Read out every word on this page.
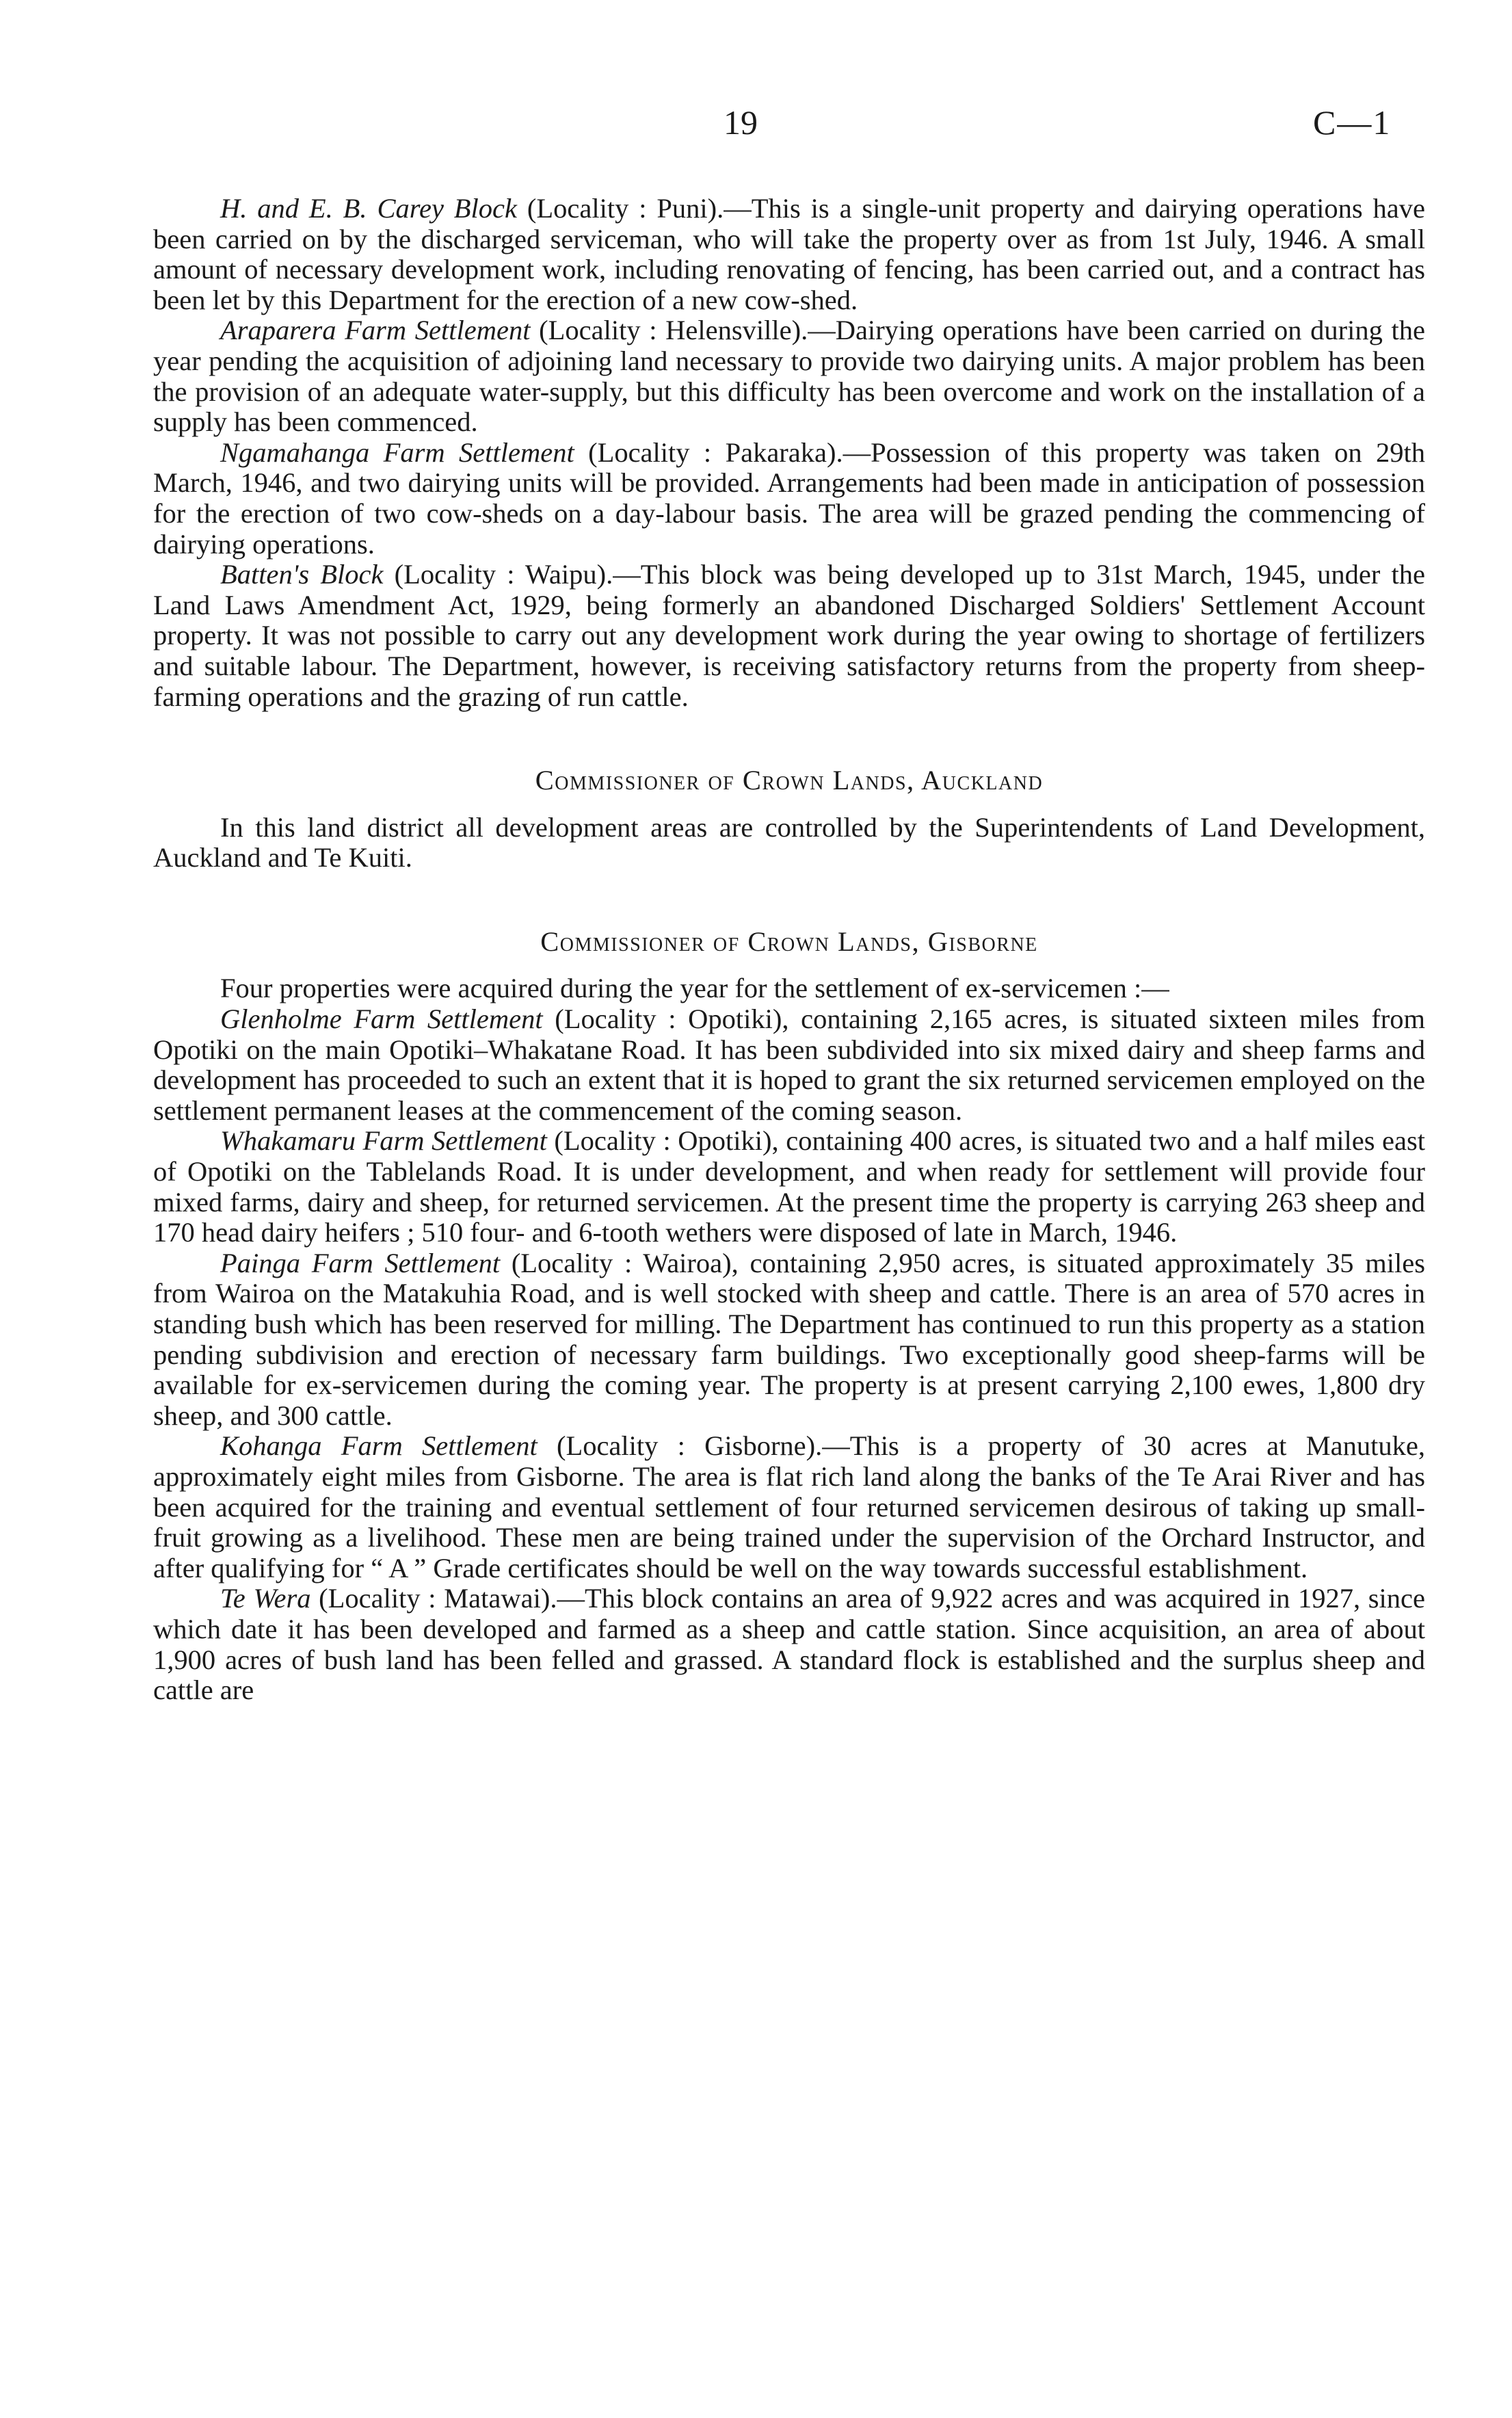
19	C—1

H. and E. B. Carey Block (Locality : Puni).—This is a single-unit property and dairying operations have been carried on by the discharged serviceman, who will take the property over as from 1st July, 1946. A small amount of necessary development work, including renovating of fencing, has been carried out, and a contract has been let by this Department for the erection of a new cow-shed.

Araparera Farm Settlement (Locality : Helensville).—Dairying operations have been carried on during the year pending the acquisition of adjoining land necessary to provide two dairying units. A major problem has been the provision of an adequate water-supply, but this difficulty has been overcome and work on the installation of a supply has been commenced.

Ngamahanga Farm Settlement (Locality : Pakaraka).—Possession of this property was taken on 29th March, 1946, and two dairying units will be provided. Arrangements had been made in anticipation of possession for the erection of two cow-sheds on a day-labour basis. The area will be grazed pending the commencing of dairying operations.

Batten's Block (Locality : Waipu).—This block was being developed up to 31st March, 1945, under the Land Laws Amendment Act, 1929, being formerly an abandoned Discharged Soldiers' Settlement Account property. It was not possible to carry out any development work during the year owing to shortage of fertilizers and suitable labour. The Department, however, is receiving satisfactory returns from the property from sheep-farming operations and the grazing of run cattle.

Commissioner of Crown Lands, Auckland

In this land district all development areas are controlled by the Superintendents of Land Development, Auckland and Te Kuiti.

Commissioner of Crown Lands, Gisborne

Four properties were acquired during the year for the settlement of ex-servicemen :—

Glenholme Farm Settlement (Locality : Opotiki), containing 2,165 acres, is situated sixteen miles from Opotiki on the main Opotiki–Whakatane Road. It has been subdivided into six mixed dairy and sheep farms and development has proceeded to such an extent that it is hoped to grant the six returned servicemen employed on the settlement permanent leases at the commencement of the coming season.

Whakamaru Farm Settlement (Locality : Opotiki), containing 400 acres, is situated two and a half miles east of Opotiki on the Tablelands Road. It is under development, and when ready for settlement will provide four mixed farms, dairy and sheep, for returned servicemen. At the present time the property is carrying 263 sheep and 170 head dairy heifers ; 510 four- and 6-tooth wethers were disposed of late in March, 1946.

Painga Farm Settlement (Locality : Wairoa), containing 2,950 acres, is situated approximately 35 miles from Wairoa on the Matakuhia Road, and is well stocked with sheep and cattle. There is an area of 570 acres in standing bush which has been reserved for milling. The Department has continued to run this property as a station pending subdivision and erection of necessary farm buildings. Two exceptionally good sheep-farms will be available for ex-servicemen during the coming year. The property is at present carrying 2,100 ewes, 1,800 dry sheep, and 300 cattle.

Kohanga Farm Settlement (Locality : Gisborne).—This is a property of 30 acres at Manutuke, approximately eight miles from Gisborne. The area is flat rich land along the banks of the Te Arai River and has been acquired for the training and eventual settlement of four returned servicemen desirous of taking up small-fruit growing as a livelihood. These men are being trained under the supervision of the Orchard Instructor, and after qualifying for “ A ” Grade certificates should be well on the way towards successful establishment.

Te Wera (Locality : Matawai).—This block contains an area of 9,922 acres and was acquired in 1927, since which date it has been developed and farmed as a sheep and cattle station. Since acquisition, an area of about 1,900 acres of bush land has been felled and grassed. A standard flock is established and the surplus sheep and cattle are
